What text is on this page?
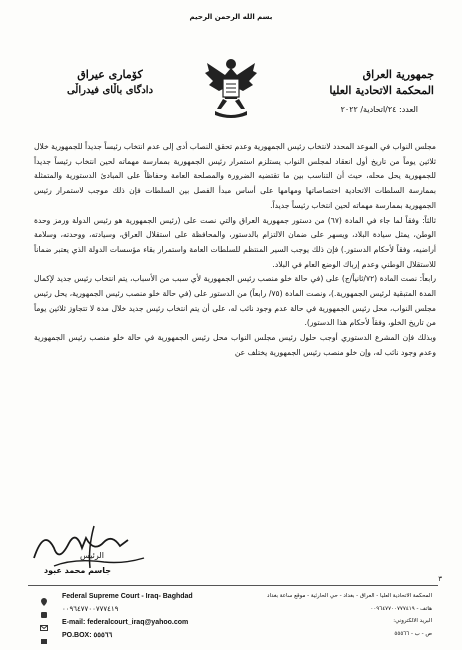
بسم الله الرحمن الرحيم
جمهورية العراق
المحكمة الاتحادية العليا
العدد: ٢٤/اتحادية/ ٢٠٢٢
كۆماری عیراق
دادگای باڵای فیدراڵی

مجلس النواب في الموعد المحدد لانتخاب رئيس الجمهورية وعدم تحقق النصاب أدى إلى عدم انتخاب رئيساً جديداً للجمهورية خلال ثلاثين يوماً من تاريخ أول انعقاد لمجلس النواب يستلزم استمرار رئيس الجمهورية بممارسة مهماته لحين انتخاب رئيساً جديداً للجمهورية يحل محله، حيث أن التناسب بين ما تقتضيه الضرورة والمصلحة العامة وحفاظاً على المبادئ الدستورية والمتمثلة بممارسة السلطات الاتحادية اختصاصاتها ومهامها على أساس مبدأ الفصل بين السلطات فإن ذلك موجب لاستمرار رئيس الجمهورية بممارسة مهماته لحين انتخاب رئيساً جديداً.

ثالثاً: وفقاً لما جاء في المادة (٦٧) من دستور جمهورية العراق والتي نصت على (رئيس الجمهورية هو رئيس الدولة ورمز وحدة الوطن، يمثل سيادة البلاد، ويسهر على ضمان الالتزام بالدستور، والمحافظة على استقلال العراق، وسيادته، ووحدته، وسلامة أراضيه، وفقاً لأحكام الدستور.) فإن ذلك يوجب السير المنتظم للسلطات العامة واستمرار بقاء مؤسسات الدولة الذي يعتبر ضماناً للاستقلال الوطني وعدم إرباك الوضع العام في البلاد.

رابعاً: نصت المادة (٧٢/ثانياً/ج) على (في حالة خلو منصب رئيس الجمهورية لأي سبب من الأسباب، يتم انتخاب رئيس جديد لإكمال المدة المتبقية لرئيس الجمهورية.)، ونصت المادة (٧٥/ رابعاً) من الدستور على (في حالة خلو منصب رئيس الجمهورية، يحل رئيس مجلس النواب، محل رئيس الجمهورية في حالة عدم وجود نائب له، على أن يتم انتخاب رئيس جديد خلال مدة لا تتجاوز ثلاثين يوماً من تاريخ الخلو، وفقاً لأحكام هذا الدستور).

وبذلك فإن المشرع الدستوري أوجب حلول رئيس مجلس النواب محل رئيس الجمهورية في حالة خلو منصب رئيس الجمهورية وعدم وجود نائب له، وإن خلو منصب رئيس الجمهورية يختلف عن

الرئيس
جاسم محمد عبود
٣
Federal Supreme Court - Iraq- Baghdad
٠٠٩٦٤٧٧٠٠٧٧٧٤١٩
E-mail: federalcourt_iraq@yahoo.com
PO.BOX: ٥٥٥٦٦
المحكمة الاتحادية العليا - العراق - بغداد - حي الحارثية - موقع ساعة بغداد
هاتف - ٠٠٩٦٤٧٧٠٠٧٧٧٤١٩
البريد الالكتروني:
ص - ب - ٥٥٥٦٦
